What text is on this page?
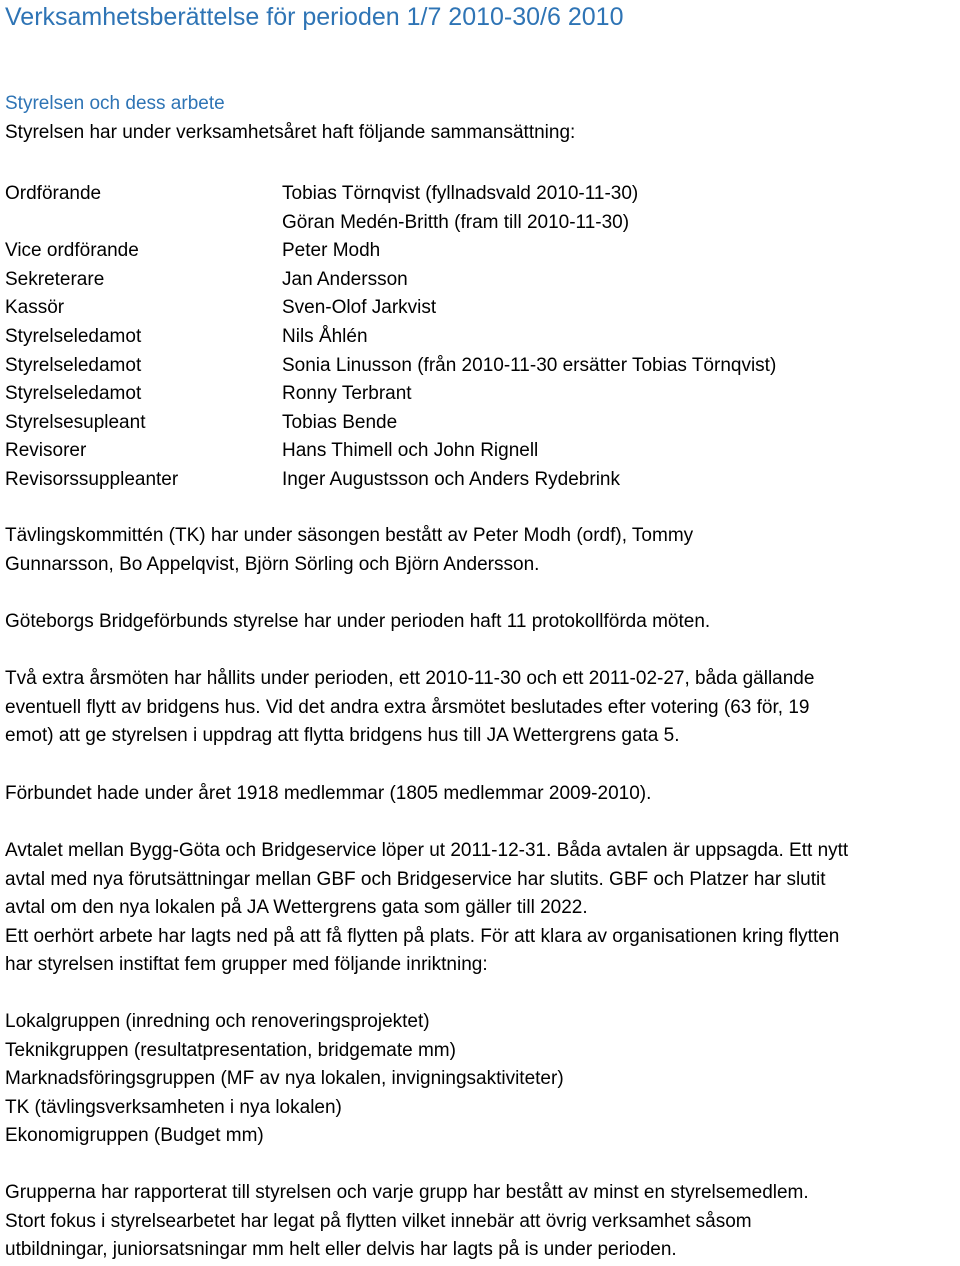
Verksamhetsberättelse för perioden 1/7 2010-30/6 2010
Styrelsen och dess arbete
Styrelsen har under verksamhetsåret haft följande sammansättning:
Ordförande	Tobias Törnqvist (fyllnadsvald 2010-11-30)
Göran Medén-Britth (fram till 2010-11-30)
Vice ordförande	Peter Modh
Sekreterare	Jan Andersson
Kassör	Sven-Olof Jarkvist
Styrelseledamot	Nils Åhlén
Styrelseledamot	Sonia Linusson (från 2010-11-30 ersätter Tobias Törnqvist)
Styrelseledamot	Ronny Terbrant
Styrelsesupleant	Tobias Bende
Revisorer	Hans Thimell och John Rignell
Revisorssuppleanter	Inger Augustsson och Anders Rydebrink
Tävlingskommittén (TK) har under säsongen bestått av Peter Modh (ordf), Tommy
Gunnarsson, Bo Appelqvist, Björn Sörling och Björn Andersson.
Göteborgs Bridgeförbunds styrelse har under perioden haft 11 protokollförda möten.
Två extra årsmöten har hållits under perioden, ett 2010-11-30 och ett 2011-02-27, båda gällande
eventuell flytt av bridgens hus. Vid det andra extra årsmötet beslutades efter votering (63 för, 19
emot) att ge styrelsen i uppdrag att flytta bridgens hus till JA Wettergrens gata 5.
Förbundet hade under året 1918 medlemmar (1805 medlemmar 2009-2010).
Avtalet mellan Bygg-Göta och Bridgeservice löper ut 2011-12-31. Båda avtalen är uppsagda. Ett nytt
avtal med nya förutsättningar mellan GBF och Bridgeservice har slutits. GBF och Platzer har slutit
avtal om den nya lokalen på JA Wettergrens gata som gäller till 2022.
Ett oerhört arbete har lagts ned på att få flytten på plats. För att klara av organisationen kring flytten
har styrelsen instiftat fem grupper med följande inriktning:
Lokalgruppen (inredning och renoveringsprojektet)
Teknikgruppen (resultatpresentation, bridgemate mm)
Marknadsföringsgruppen (MF av nya lokalen, invigningsaktiviteter)
TK (tävlingsverksamheten i nya lokalen)
Ekonomigruppen (Budget mm)
Grupperna har rapporterat till styrelsen och varje grupp har bestått av minst en styrelsemedlem.
Stort fokus i styrelsearbetet har legat på flytten vilket innebär att övrig verksamhet såsom
utbildningar, juniorsatsningar mm helt eller delvis har lagts på is under perioden.
